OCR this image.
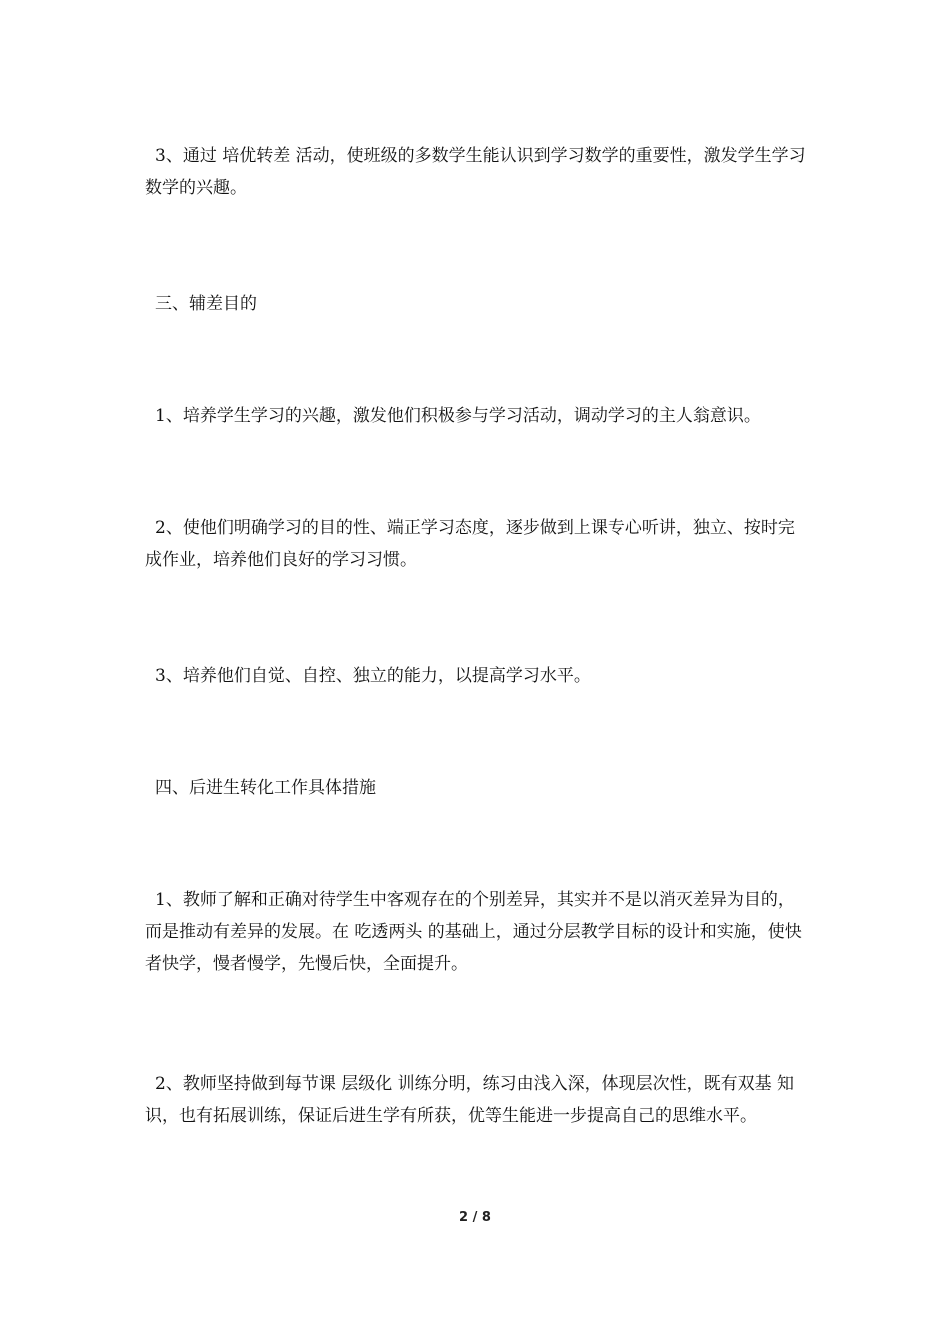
3、通过 培优转差 活动，使班级的多数学生能认识到学习数学的重要性，激发学生学习数学的兴趣。

三、辅差目的

1、培养学生学习的兴趣，激发他们积极参与学习活动，调动学习的主人翁意识。

2、使他们明确学习的目的性、端正学习态度，逐步做到上课专心听讲，独立、按时完成作业，培养他们良好的学习习惯。

3、培养他们自觉、自控、独立的能力，以提高学习水平。

四、后进生转化工作具体措施

1、教师了解和正确对待学生中客观存在的个别差异，其实并不是以消灭差异为目的，而是推动有差异的发展。在 吃透两头 的基础上，通过分层教学目标的设计和实施，使快者快学，慢者慢学，先慢后快，全面提升。

2、教师坚持做到每节课 层级化 训练分明，练习由浅入深，体现层次性，既有双基 知识，也有拓展训练，保证后进生学有所获，优等生能进一步提高自己的思维水平。

2 / 8
